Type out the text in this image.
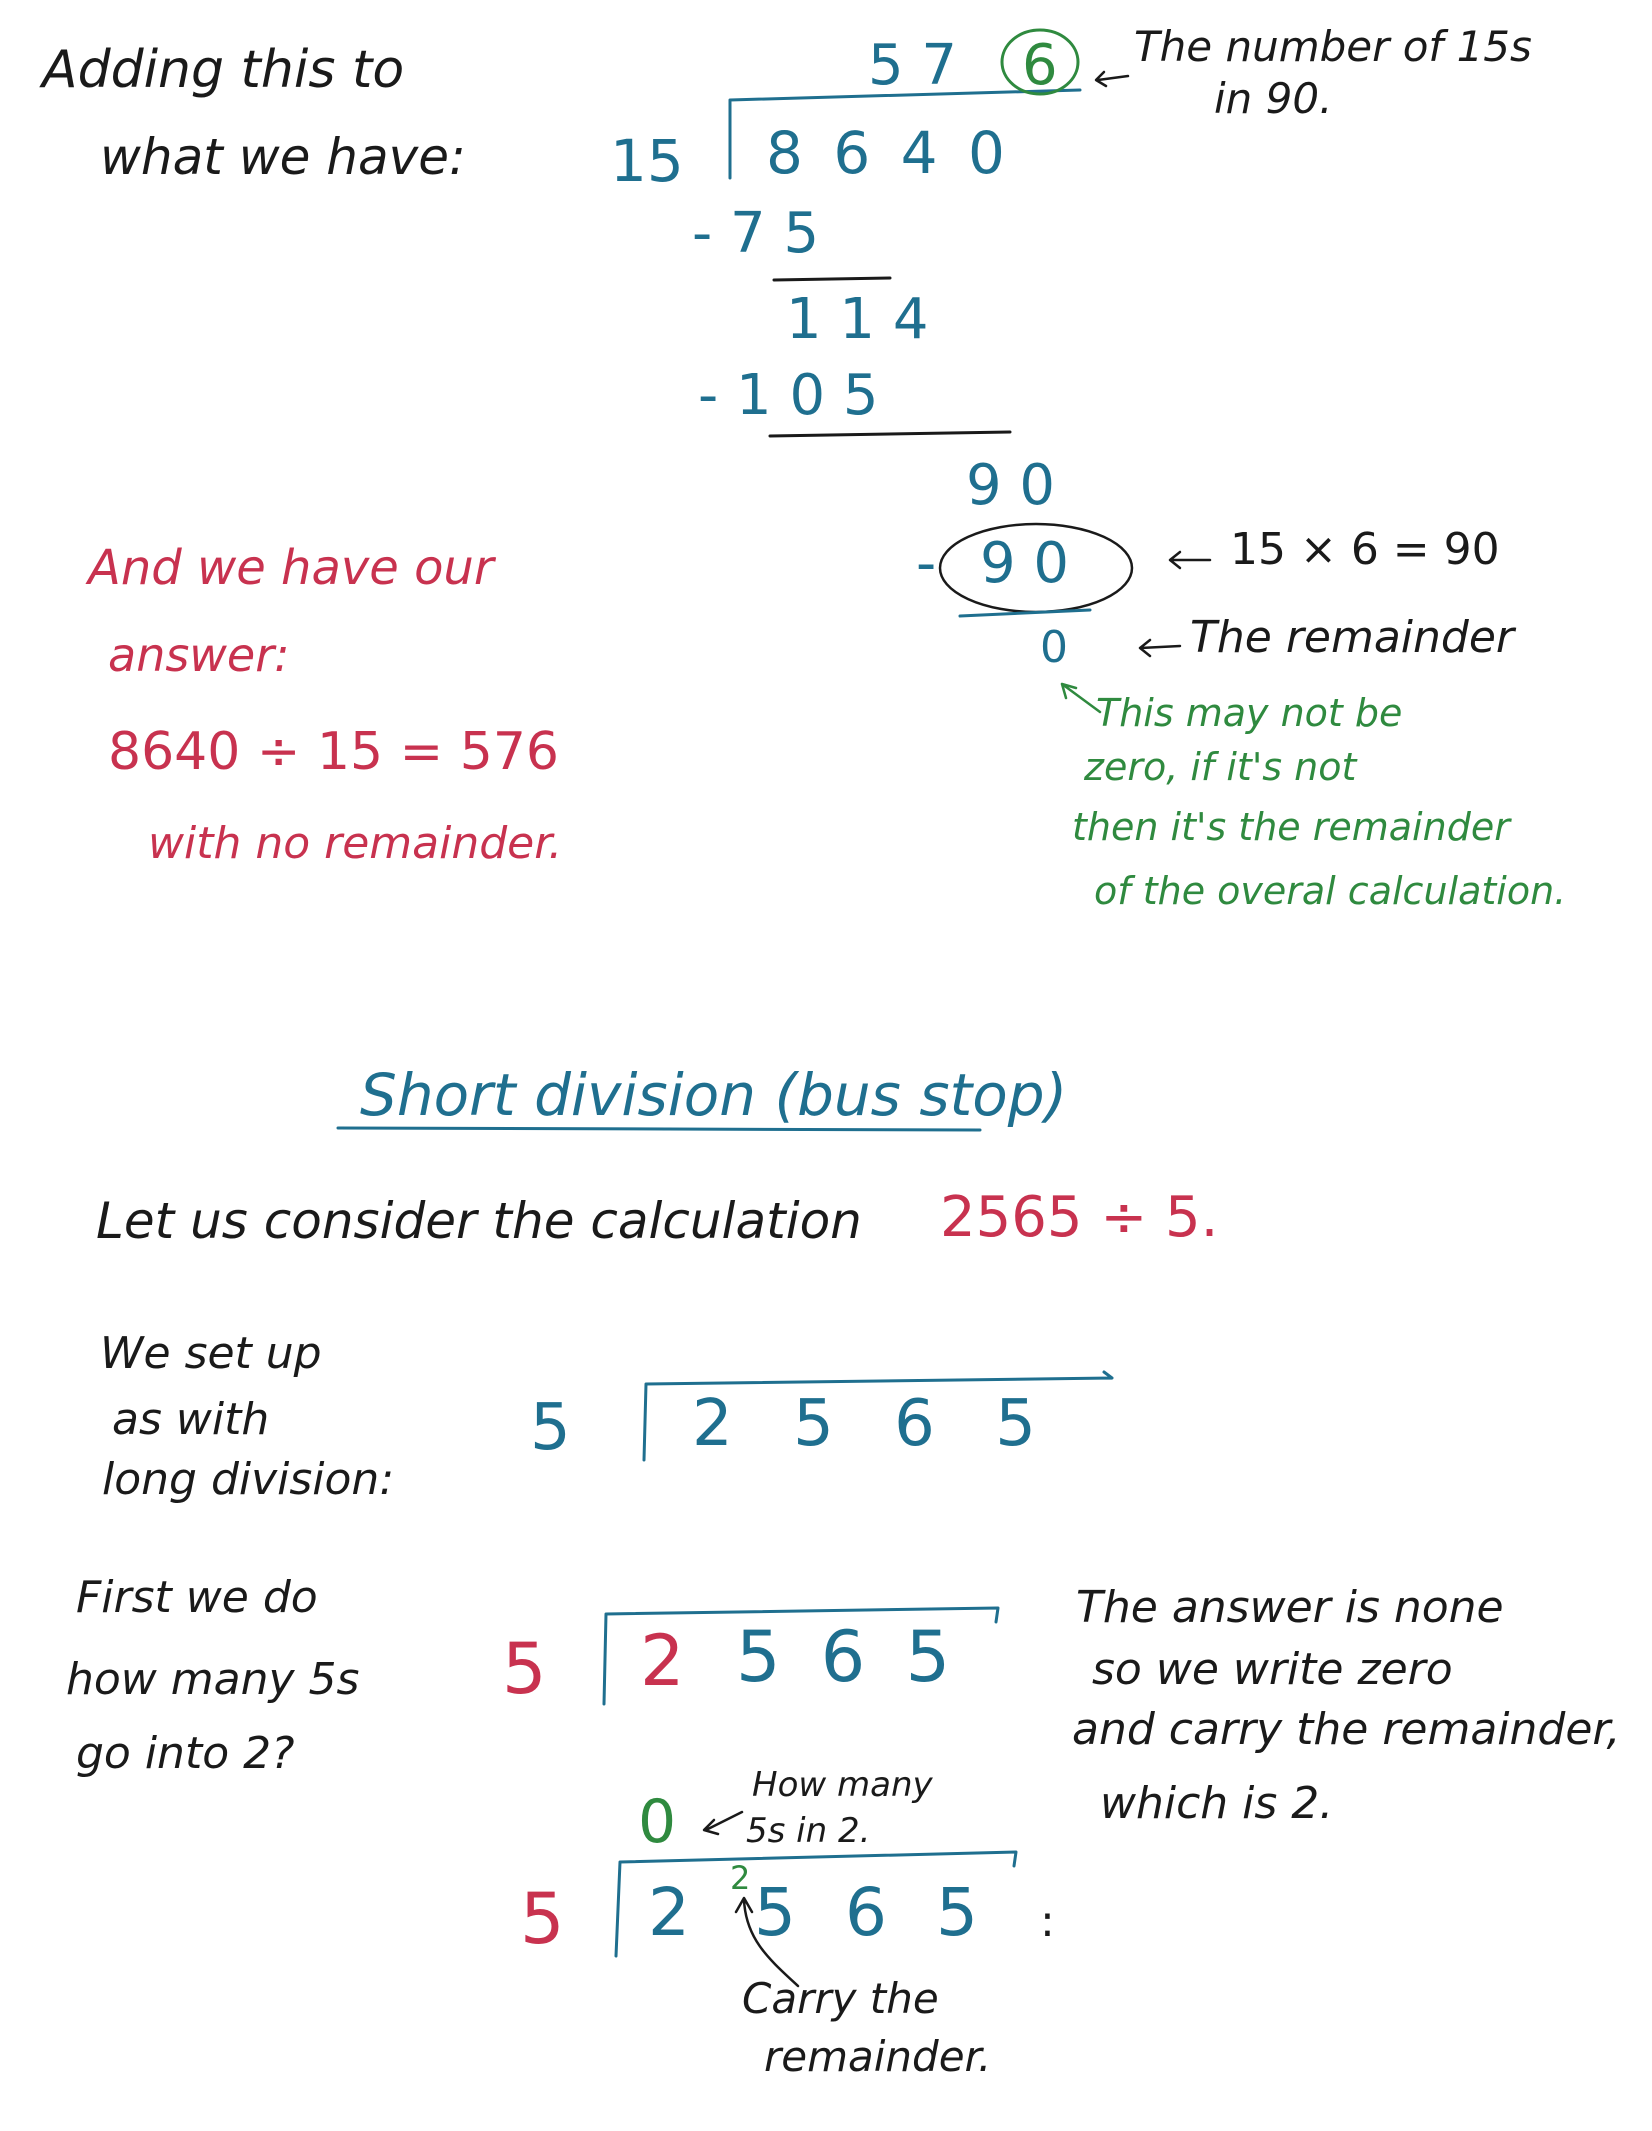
Adding this to
what we have: 15 8 6 4 0
5 7 6 The number of 15s
in 90.
- 7 5
1 1 4
- 1 0 5
9 0
- 9 0	15 × 6 = 90
0	The remainder
This may not be
zero, if it's not
then it's the remainder
of the overal calculation.
And we have our
answer:
8640 ÷ 15 = 576
with no remainder.
Short division (bus stop)
Let us consider the calculation 2565 ÷ 5.
We set up
as with
long division:
5 2 5 6 5
First we do
how many 5s
go into 2?
5 2 5 6 5
The answer is none
so we write zero
and carry the remainder,
which is 2.
0
How many
5s in 2.
5 2 2 5 6 5 :
Carry the
remainder.
